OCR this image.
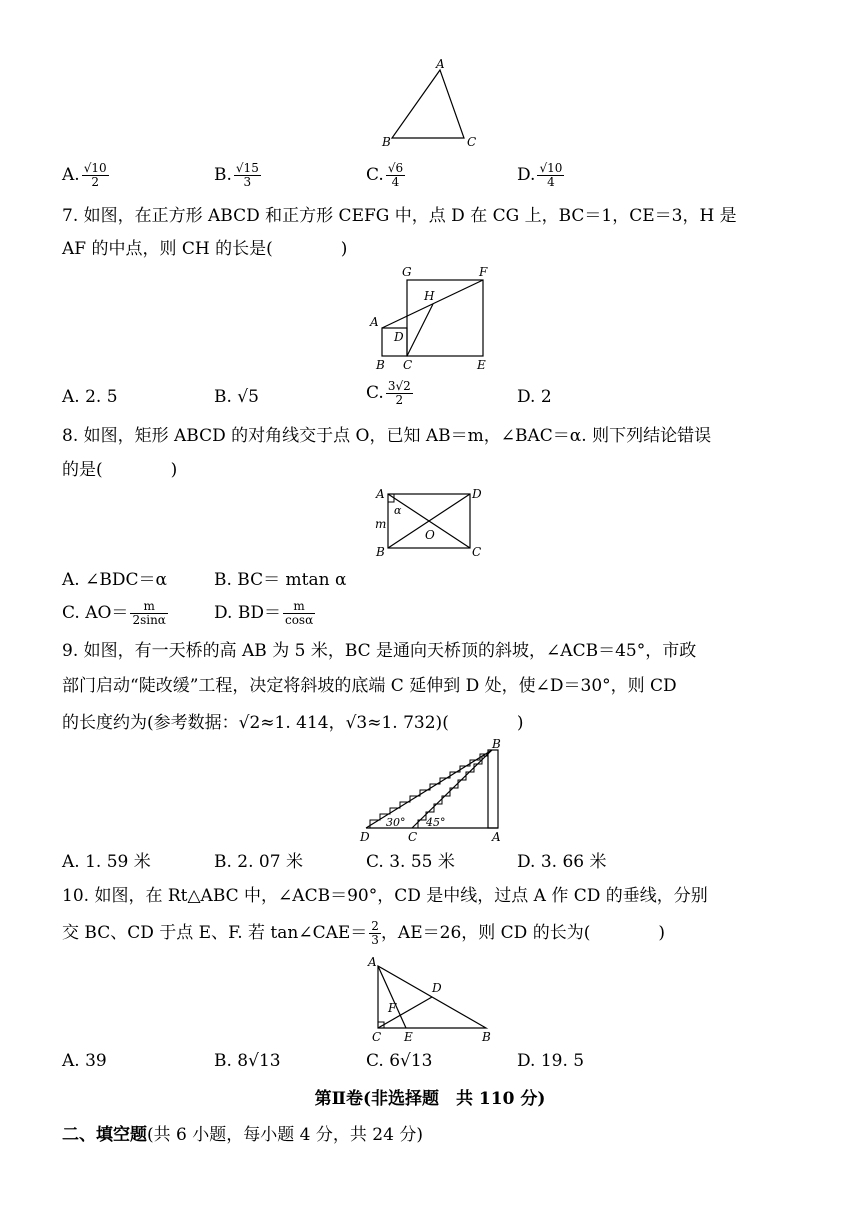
A
B	C
A. $\frac{√10}{2}$	B. $\frac{√15}{3}$	C. $\frac{√6}{4}$	D. $\frac{√10}{4}$
7. 如图，在正方形 ABCD 和正方形 CEFG 中，点 D 在 CG 上，BC＝1，CE＝3，H 是
AF 的中点，则 CH 的长是(　　　　)
G	F
H
A
D
B C	E
A. 2. 5	B. √5	C. $\frac{3√2}{2}$	D. 2
8. 如图，矩形 ABCD 的对角线交于点 O，已知 AB＝m，∠BAC＝α. 则下列结论错误
的是(　　　　)
A	D
α
m
O
B	C
A. ∠BDC＝α	B. BC＝ mtan α
C. $AO= \frac{m}{2\sin\alpha}$	D. $BD= \frac{m}{\cos\alpha}$
9. 如图，有一天桥的高 AB 为 5 米，BC 是通向天桥顶的斜坡，∠ACB＝45°，市政
部门启动“陡改缓”工程，决定将斜坡的底端 C 延伸到 D 处，使∠D＝30°，则 CD
的长度约为(参考数据：√2≈1. 414，√3≈1. 732)(　　　　)
B
D	C	A
30° 45°
A. 1. 59 米	B. 2. 07 米	C. 3. 55 米	D. 3. 66 米
10. 如图，在 Rt△ABC 中，∠ACB＝90°，CD 是中线，过点 A 作 CD 的垂线，分别
交 BC、CD 于点 E、F. 若 tan∠CAE＝ $\frac{2}{3}$ ，AE＝26，则 CD 的长为(　　　　)
A
D
F
C E	B
A. 39	B. 8√13	C. 6√13	D. 19. 5
第Ⅱ卷(非选择题　共 110 分)
二、填空题(共 6 小题，每小题 4 分，共 24 分)
